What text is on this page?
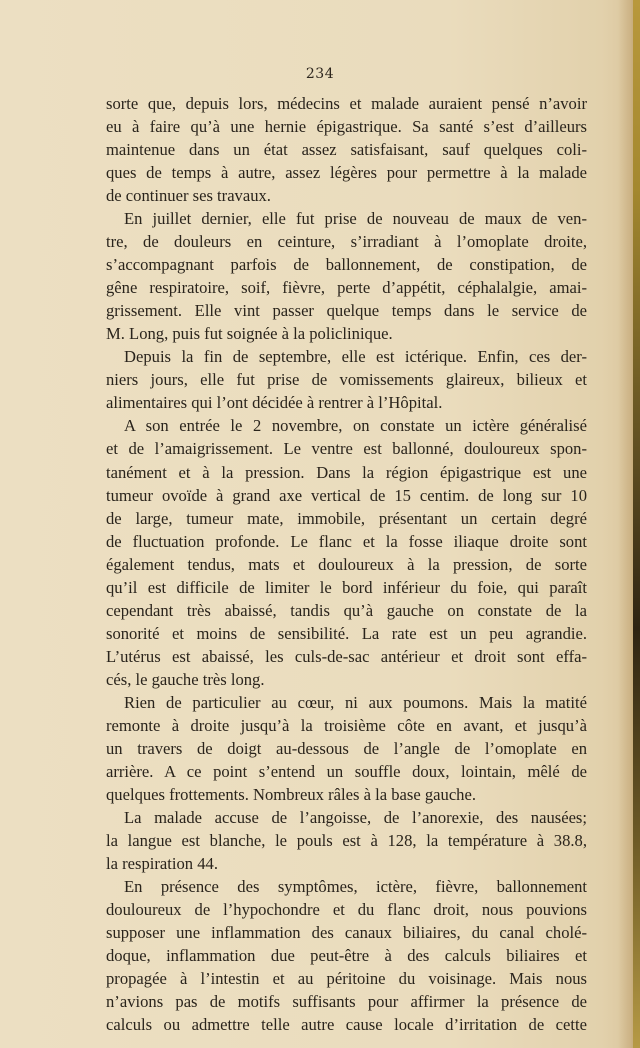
234
sorte que, depuis lors, médecins et malade auraient pensé n’avoir
eu à faire qu’à une hernie épigastrique. Sa santé s’est d’ailleurs
maintenue dans un état assez satisfaisant, sauf quelques coli-
ques de temps à autre, assez légères pour permettre à la malade
de continuer ses travaux.
En juillet dernier, elle fut prise de nouveau de maux de ven-
tre, de douleurs en ceinture, s’irradiant à l’omoplate droite,
s’accompagnant parfois de ballonnement, de constipation, de
gêne respiratoire, soif, fièvre, perte d’appétit, céphalalgie, amai-
grissement. Elle vint passer quelque temps dans le service de
M. Long, puis fut soignée à la policlinique.
Depuis la fin de septembre, elle est ictérique. Enfin, ces der-
niers jours, elle fut prise de vomissements glaireux, bilieux et
alimentaires qui l’ont décidée à rentrer à l’Hôpital.
A son entrée le 2 novembre, on constate un ictère généralisé
et de l’amaigrissement. Le ventre est ballonné, douloureux spon-
tanément et à la pression. Dans la région épigastrique est une
tumeur ovoïde à grand axe vertical de 15 centim. de long sur 10
de large, tumeur mate, immobile, présentant un certain degré
de fluctuation profonde. Le flanc et la fosse iliaque droite sont
également tendus, mats et douloureux à la pression, de sorte
qu’il est difficile de limiter le bord inférieur du foie, qui paraît
cependant très abaissé, tandis qu’à gauche on constate de la
sonorité et moins de sensibilité. La rate est un peu agrandie.
L’utérus est abaissé, les culs-de-sac antérieur et droit sont effa-
cés, le gauche très long.
Rien de particulier au cœur, ni aux poumons. Mais la matité
remonte à droite jusqu’à la troisième côte en avant, et jusqu’à
un travers de doigt au-dessous de l’angle de l’omoplate en
arrière. A ce point s’entend un souffle doux, lointain, mêlé de
quelques frottements. Nombreux râles à la base gauche.
La malade accuse de l’angoisse, de l’anorexie, des nausées;
la langue est blanche, le pouls est à 128, la température à 38.8,
la respiration 44.
En présence des symptômes, ictère, fièvre, ballonnement
douloureux de l’hypochondre et du flanc droit, nous pouvions
supposer une inflammation des canaux biliaires, du canal cholé-
doque, inflammation due peut-être à des calculs biliaires et
propagée à l’intestin et au péritoine du voisinage. Mais nous
n’avions pas de motifs suffisants pour affirmer la présence de
calculs ou admettre telle autre cause locale d’irritation de cette
